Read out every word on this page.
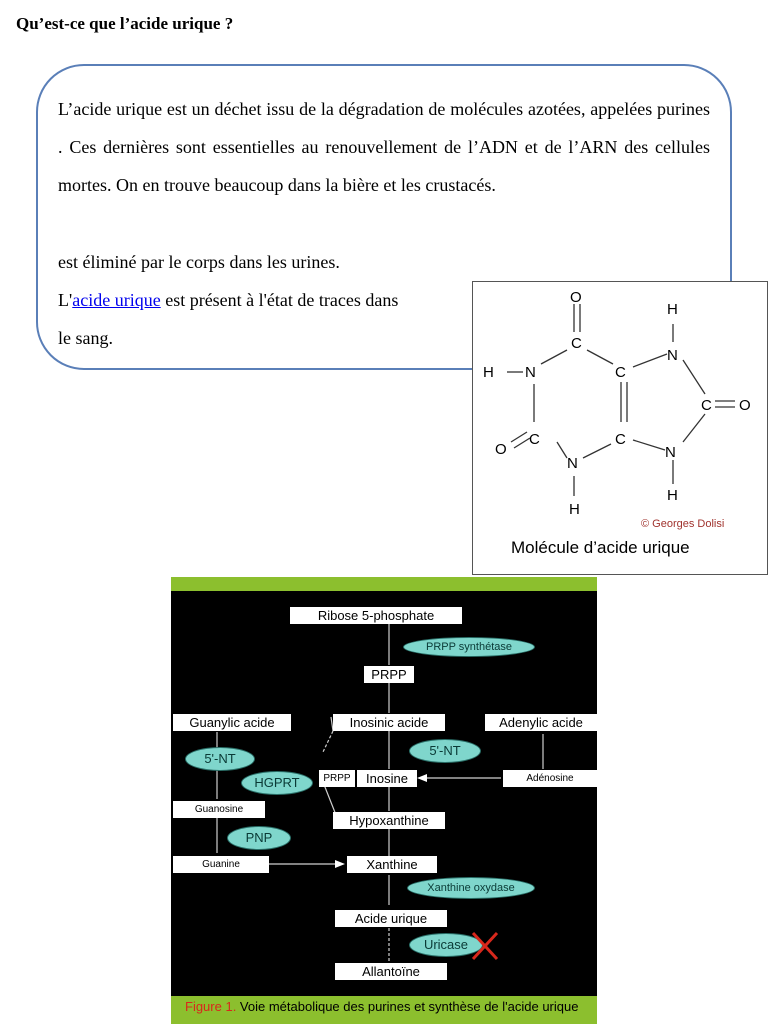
Qu’est-ce que l’acide urique ?
L’acide urique est un déchet issu de la dégradation de molécules azotées, appelées purines . Ces dernières sont essentielles au renouvellement de l’ADN et de l’ARN des cellules mortes. On en trouve beaucoup dans la bière et les crustacés.
est éliminé par le corps dans les urines.
L'acide urique est présent à l'état de traces dans
le sang.
O
H
C
N
H N	C
C O
O
C	C
N
N
H
H
© Georges Dolisi
Molécule d’acide urique
Ribose 5-phosphate
PRPP synthétase
PRPP
Guanylic acide	Inosinic acide	Adenylic acide
5'-NT
5'-NT
HGPRT	PRPP	Inosine	Adénosine
Guanosine
Hypoxanthine
PNP
Guanine	Xanthine
Xanthine oxydase
Acide urique
Uricase
Allantoïne
Figure 1. Voie métabolique des purines et synthèse de l'acide urique
